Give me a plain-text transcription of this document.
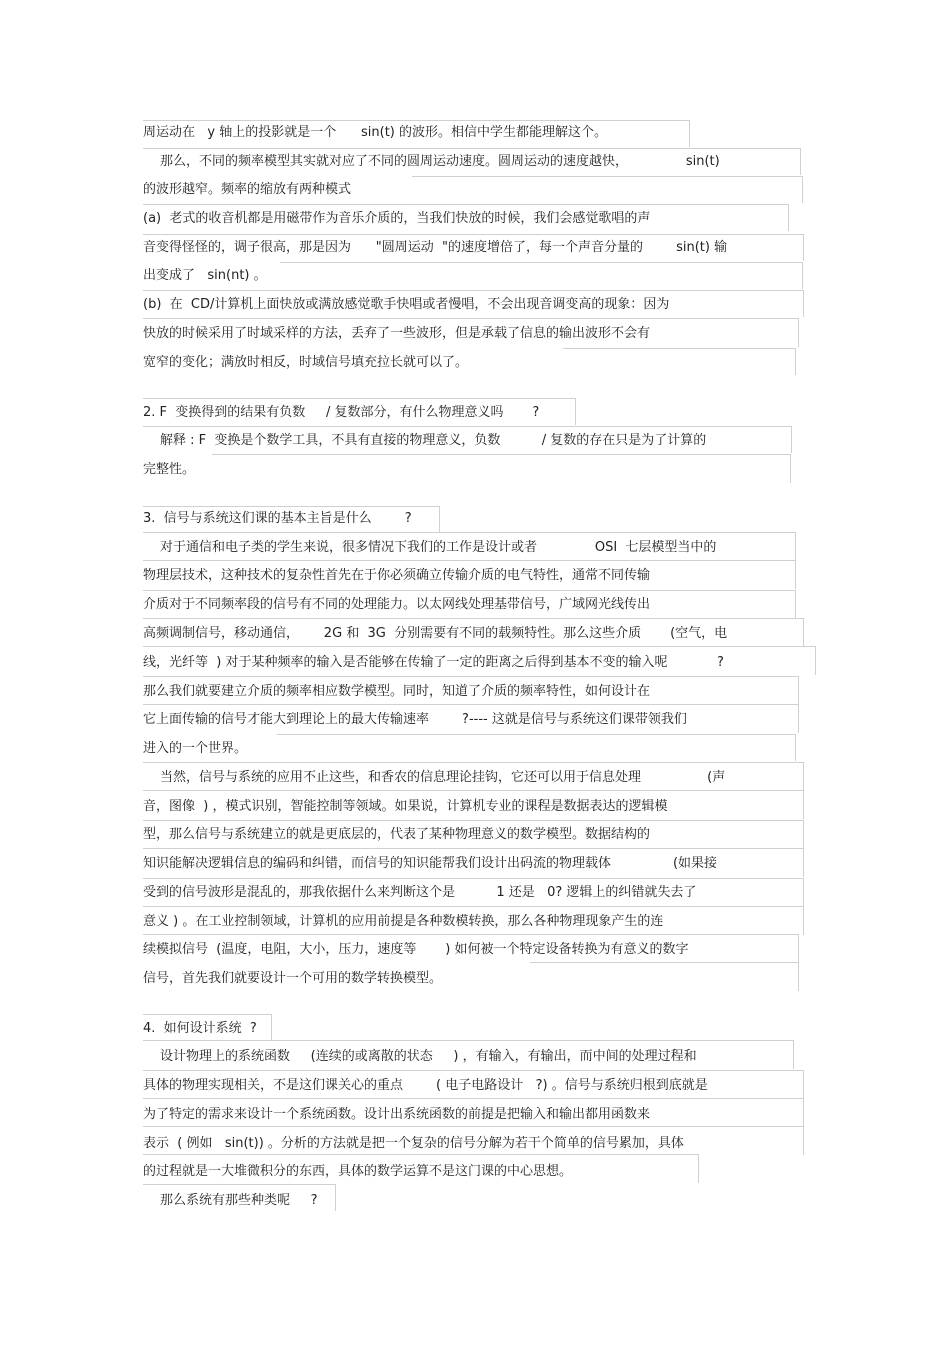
周运动在   y 轴上的投影就是一个      sin(t) 的波形。相信中学生都能理解这个。
那么，不同的频率模型其实就对应了不同的圆周运动速度。圆周运动的速度越快，              sin(t)
的波形越窄。频率的缩放有两种模式
(a)  老式的收音机都是用磁带作为音乐介质的，当我们快放的时候，我们会感觉歌唱的声
音变得怪怪的，调子很高，那是因为      "圆周运动  "的速度增倍了，每一个声音分量的        sin(t) 输
出变成了   sin(nt) 。
(b)  在  CD/计算机上面快放或满放感觉歌手快唱或者慢唱，不会出现音调变高的现象：因为
快放的时候采用了时域采样的方法，丢弃了一些波形，但是承载了信息的输出波形不会有
宽窄的变化；满放时相反，时域信号填充拉长就可以了。
2. F  变换得到的结果有负数     / 复数部分，有什么物理意义吗       ?
解释 : F  变换是个数学工具，不具有直接的物理意义，负数          / 复数的存在只是为了计算的
完整性。
3.  信号与系统这们课的基本主旨是什么        ?
对于通信和电子类的学生来说，很多情况下我们的工作是设计或者              OSI  七层模型当中的
物理层技术，这种技术的复杂性首先在于你必须确立传输介质的电气特性，通常不同传输
介质对于不同频率段的信号有不同的处理能力。以太网线处理基带信号，广域网光线传出
高频调制信号，移动通信，      2G 和  3G  分别需要有不同的载频特性。那么这些介质       (空气，电
线，光纤等  ) 对于某种频率的输入是否能够在传输了一定的距离之后得到基本不变的输入呢            ?
那么我们就要建立介质的频率相应数学模型。同时，知道了介质的频率特性，如何设计在
它上面传输的信号才能大到理论上的最大传输速率        ?---- 这就是信号与系统这们课带领我们
进入的一个世界。
当然，信号与系统的应用不止这些，和香农的信息理论挂钩，它还可以用于信息处理                (声
音，图像  ) ，模式识别，智能控制等领域。如果说，计算机专业的课程是数据表达的逻辑模
型，那么信号与系统建立的就是更底层的，代表了某种物理意义的数学模型。数据结构的
知识能解决逻辑信息的编码和纠错，而信号的知识能帮我们设计出码流的物理载体               (如果接
受到的信号波形是混乱的，那我依据什么来判断这个是          1 还是   0? 逻辑上的纠错就失去了
意义 ) 。在工业控制领域，计算机的应用前提是各种数模转换，那么各种物理现象产生的连
续模拟信号  (温度，电阻，大小，压力，速度等       ) 如何被一个特定设备转换为有意义的数字
信号，首先我们就要设计一个可用的数学转换模型。
4.  如何设计系统  ?
设计物理上的系统函数     (连续的或离散的状态     ) ，有输入，有输出，而中间的处理过程和
具体的物理实现相关，不是这们课关心的重点        ( 电子电路设计   ?) 。信号与系统归根到底就是
为了特定的需求来设计一个系统函数。设计出系统函数的前提是把输入和输出都用函数来
表示  ( 例如   sin(t)) 。分析的方法就是把一个复杂的信号分解为若干个简单的信号累加，具体
的过程就是一大堆微积分的东西，具体的数学运算不是这门课的中心思想。
那么系统有那些种类呢     ?
